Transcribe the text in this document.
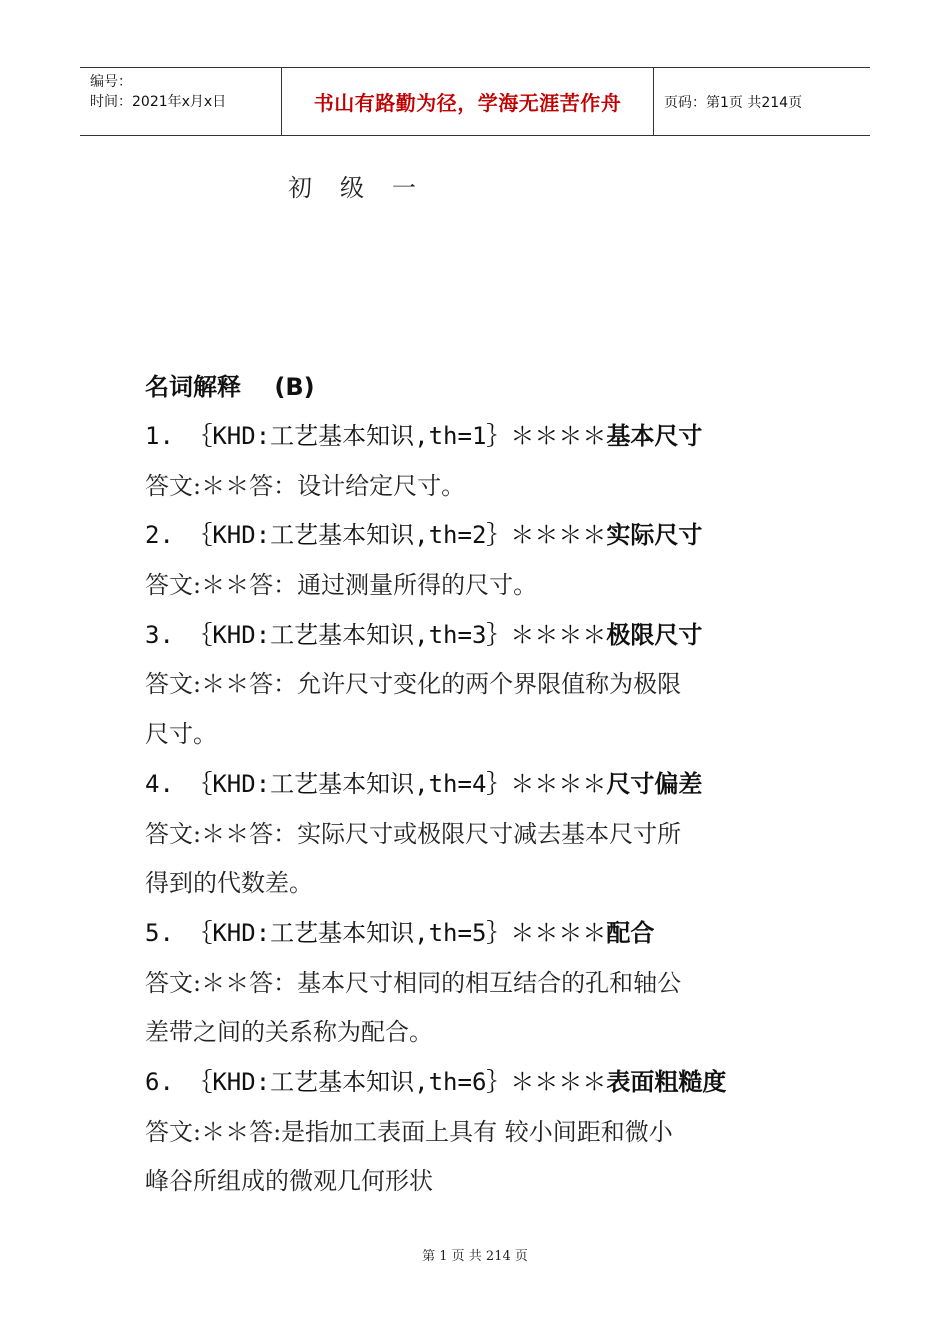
编号：
时间：2021年x月x日	书山有路勤为径，学海无涯苦作舟	页码：第1页 共214页
初级一
名词解释    (B)
1. ｛KHD:工艺基本知识,th=1｝＊＊＊＊基本尺寸
答文:＊＊答：设计给定尺寸。
2. ｛KHD:工艺基本知识,th=2｝＊＊＊＊实际尺寸
答文:＊＊答：通过测量所得的尺寸。
3. ｛KHD:工艺基本知识,th=3｝＊＊＊＊极限尺寸
答文:＊＊答：允许尺寸变化的两个界限值称为极限
尺寸。
4. ｛KHD:工艺基本知识,th=4｝＊＊＊＊尺寸偏差
答文:＊＊答：实际尺寸或极限尺寸减去基本尺寸所
得到的代数差。
5. ｛KHD:工艺基本知识,th=5｝＊＊＊＊配合
答文:＊＊答：基本尺寸相同的相互结合的孔和轴公
差带之间的关系称为配合。
6. ｛KHD:工艺基本知识,th=6｝＊＊＊＊表面粗糙度
答文:＊＊答:是指加工表面上具有 较小间距和微小
峰谷所组成的微观几何形状
第 1 页 共 214 页
